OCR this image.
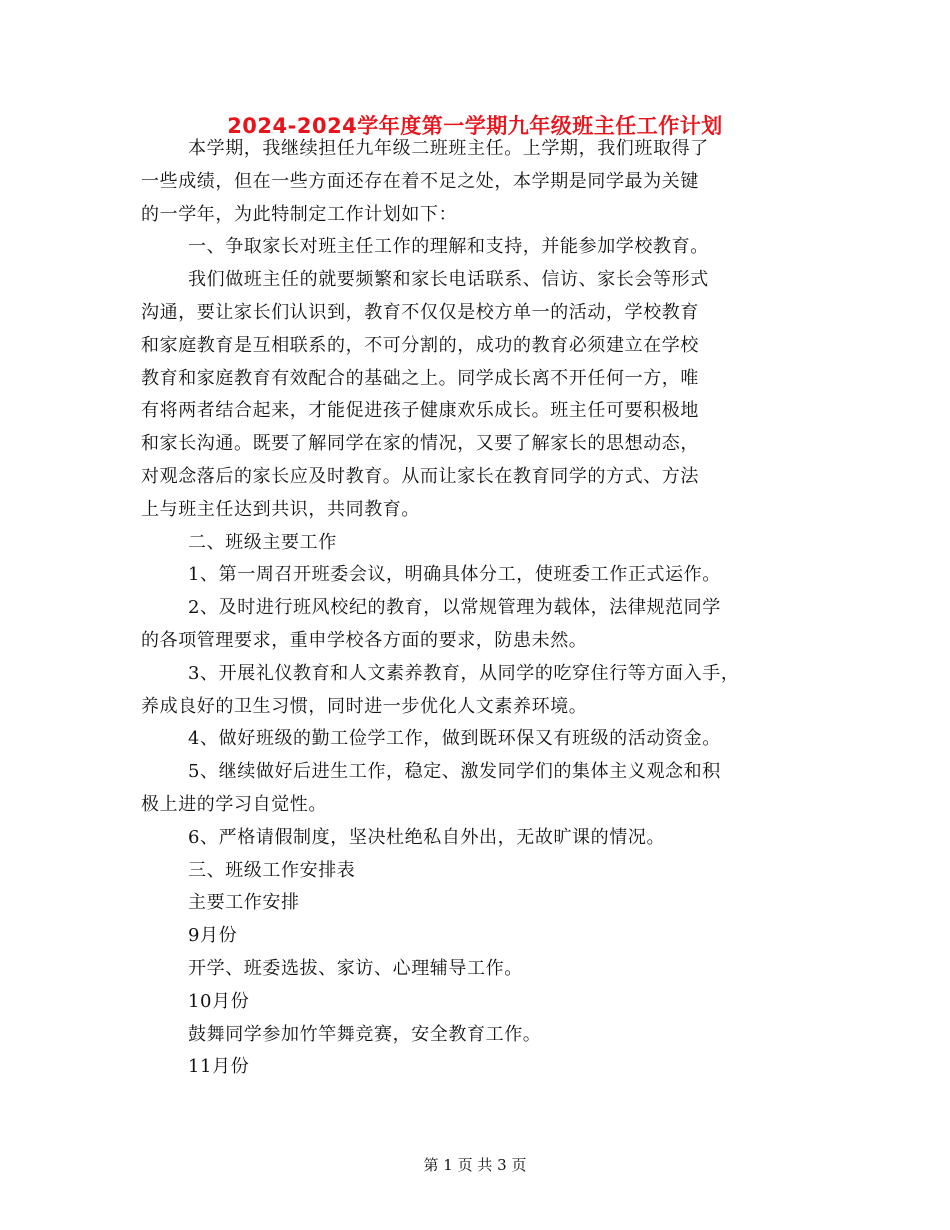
2024-2024学年度第一学期九年级班主任工作计划
本学期，我继续担任九年级二班班主任。上学期，我们班取得了
一些成绩，但在一些方面还存在着不足之处，本学期是同学最为关键
的一学年，为此特制定工作计划如下：
一、争取家长对班主任工作的理解和支持，并能参加学校教育。
我们做班主任的就要频繁和家长电话联系、信访、家长会等形式
沟通，要让家长们认识到，教育不仅仅是校方单一的活动，学校教育
和家庭教育是互相联系的，不可分割的，成功的教育必须建立在学校
教育和家庭教育有效配合的基础之上。同学成长离不开任何一方，唯
有将两者结合起来，才能促进孩子健康欢乐成长。班主任可要积极地
和家长沟通。既要了解同学在家的情况，又要了解家长的思想动态，
对观念落后的家长应及时教育。从而让家长在教育同学的方式、方法
上与班主任达到共识，共同教育。
二、班级主要工作
1、第一周召开班委会议，明确具体分工，使班委工作正式运作。
2、及时进行班风校纪的教育，以常规管理为载体，法律规范同学
的各项管理要求，重申学校各方面的要求，防患未然。
3、开展礼仪教育和人文素养教育，从同学的吃穿住行等方面入手，
养成良好的卫生习惯，同时进一步优化人文素养环境。
4、做好班级的勤工俭学工作，做到既环保又有班级的活动资金。
5、继续做好后进生工作，稳定、激发同学们的集体主义观念和积
极上进的学习自觉性。
6、严格请假制度，坚决杜绝私自外出，无故旷课的情况。
三、班级工作安排表
主要工作安排
9月份
开学、班委选拔、家访、心理辅导工作。
10月份
鼓舞同学参加竹竿舞竞赛，安全教育工作。
11月份
第 1 页 共 3 页
